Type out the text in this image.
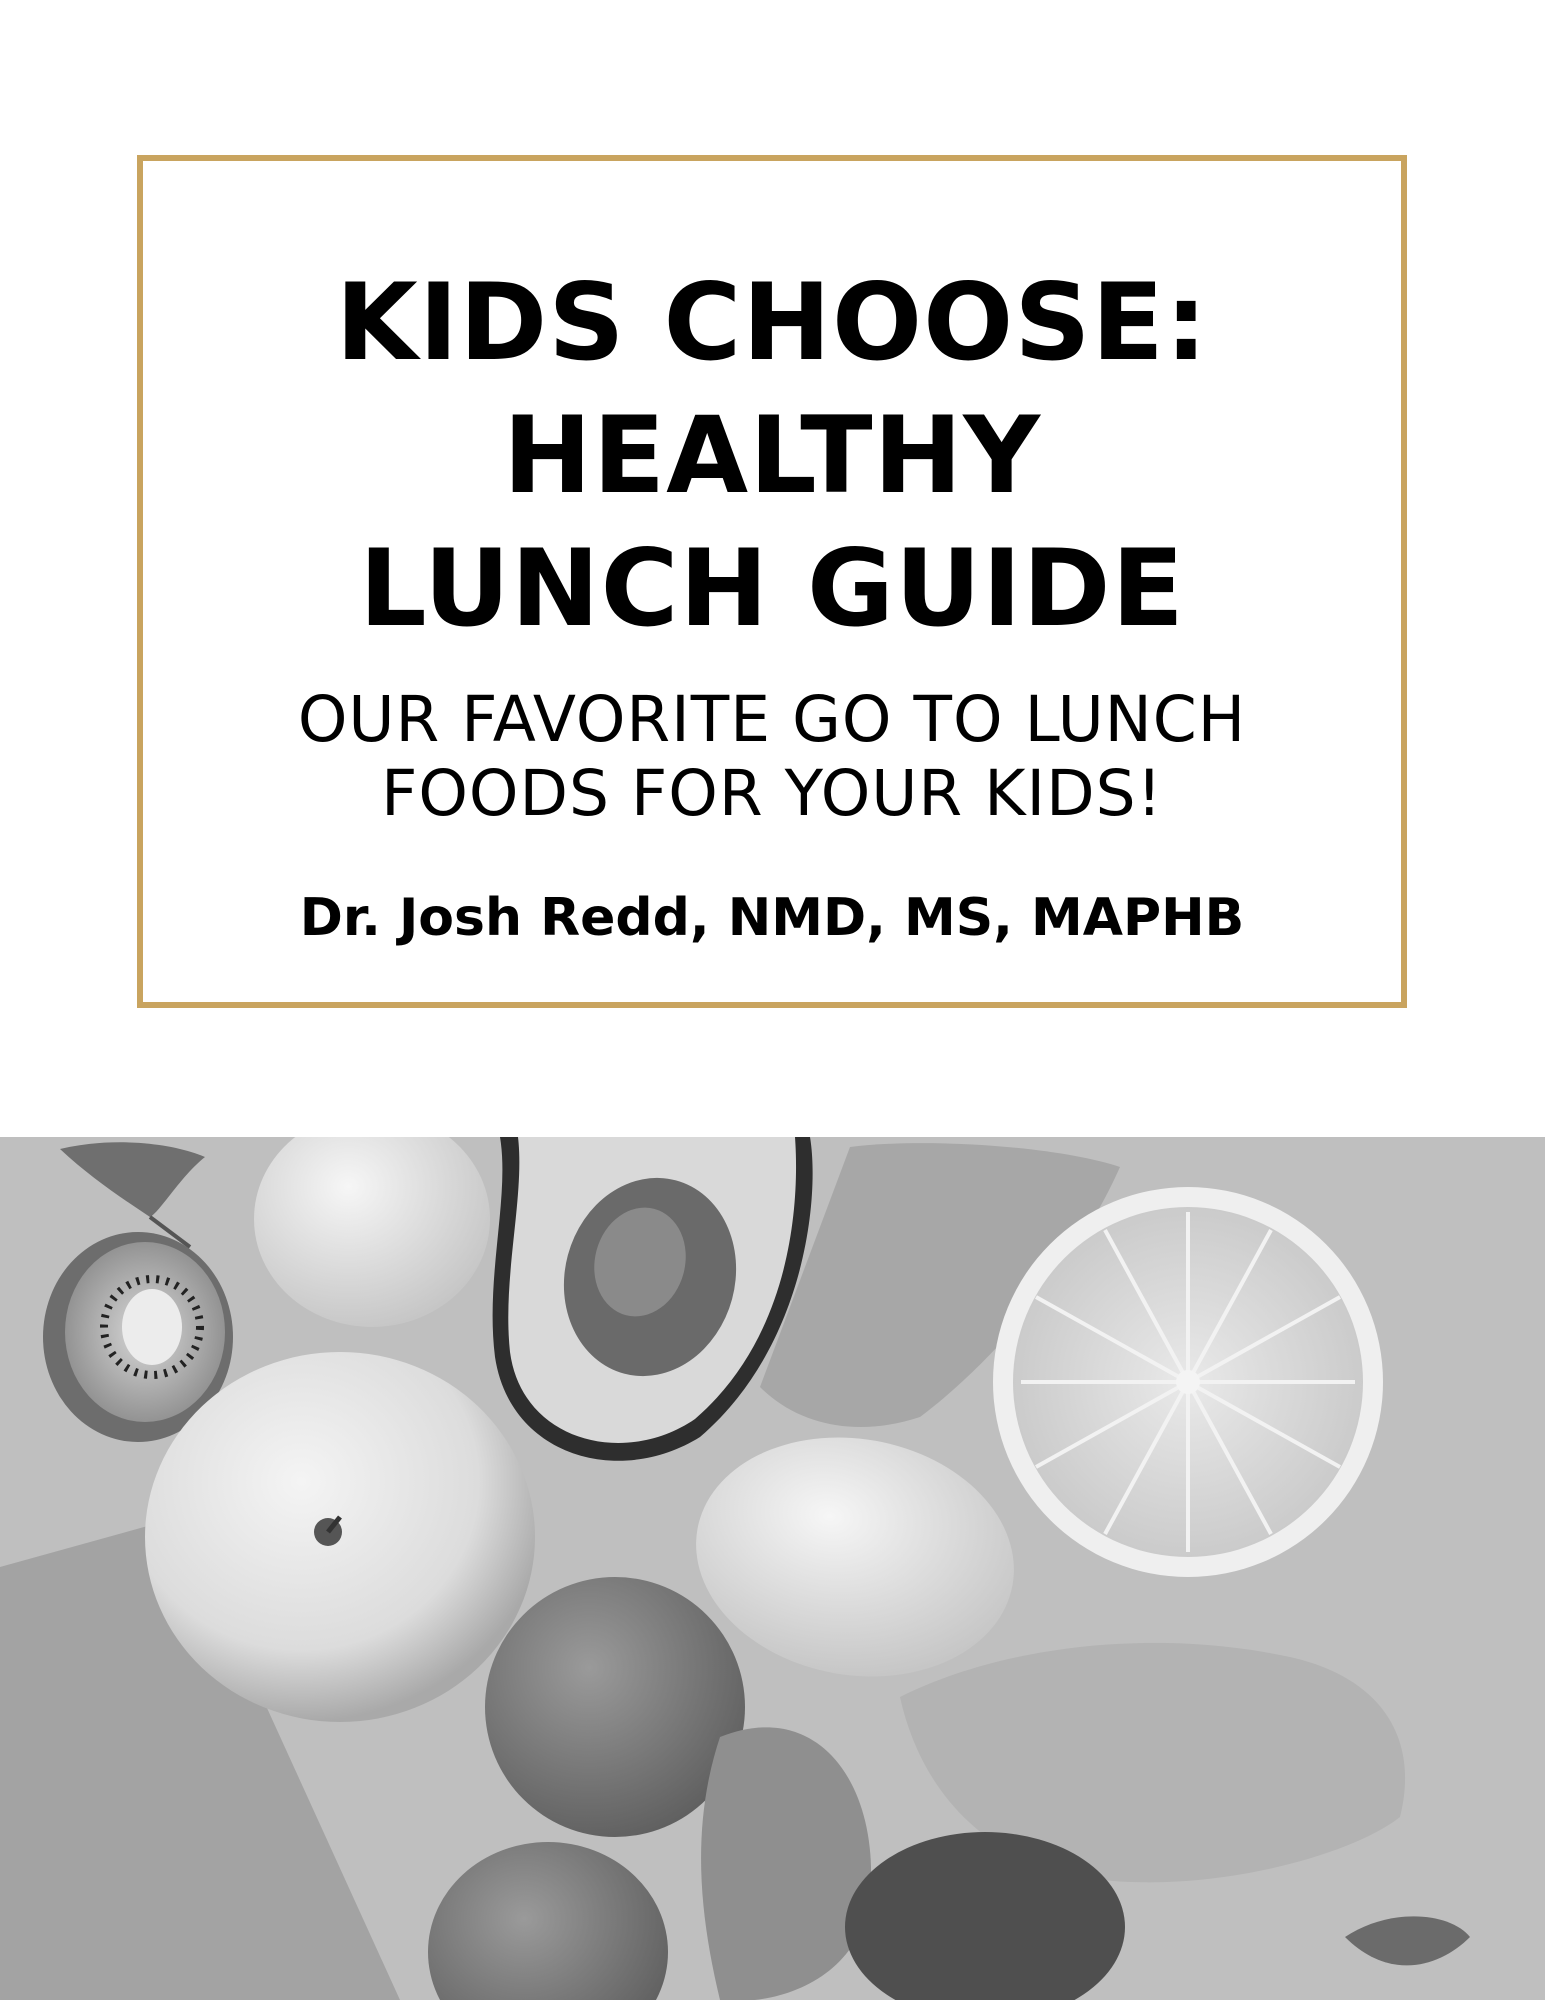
KIDS CHOOSE:
HEALTHY
LUNCH GUIDE

OUR FAVORITE GO TO LUNCH
FOODS FOR YOUR KIDS!

Dr. Josh Redd, NMD, MS, MAPHB
